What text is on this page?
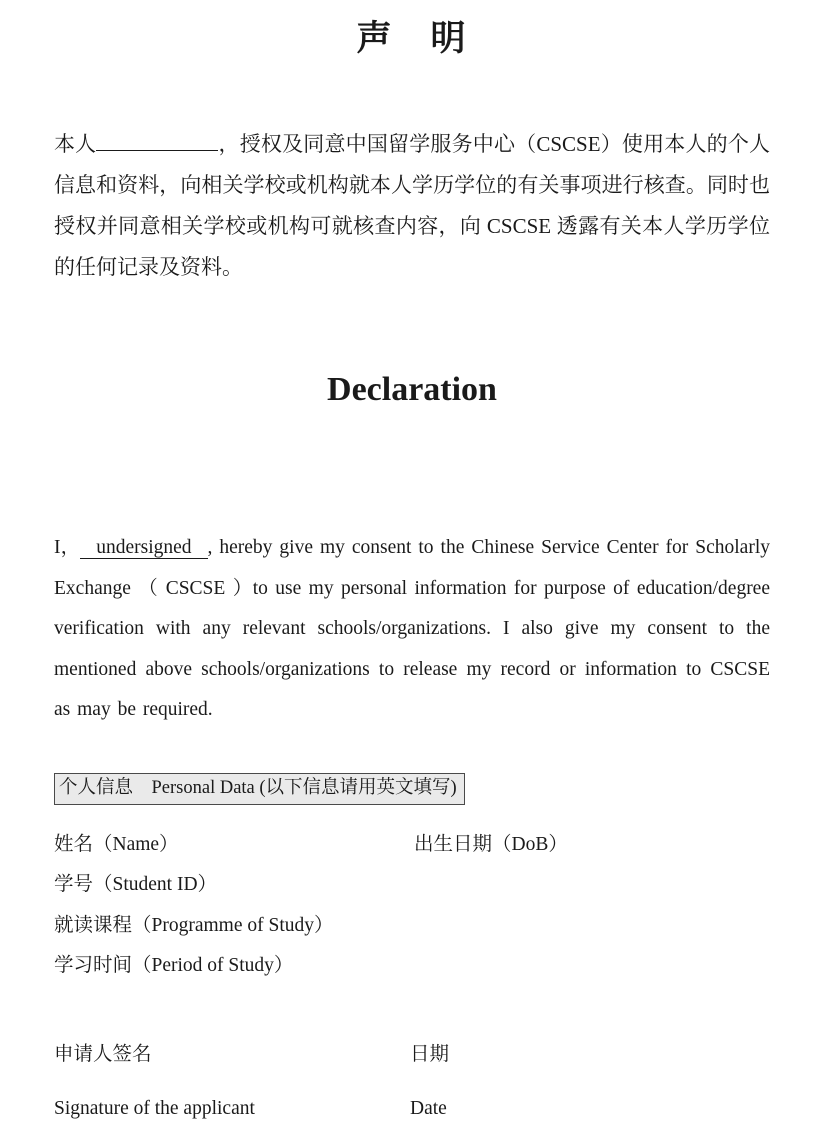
声　明

本人	，授权及同意中国留学服务中心（CSCSE）使用本人的个人信息和资料，向相关学校或机构就本人学历学位的有关事项进行核查。同时也授权并同意相关学校或机构可就核查内容，向 CSCSE 透露有关本人学历学位的任何记录及资料。

Declaration

I， undersigned , hereby give my consent to the Chinese Service Center for Scholarly Exchange （ CSCSE ）to use my personal information for purpose of education/degree verification with any relevant schools/organizations. I also give my consent to the mentioned above schools/organizations to release my record or information to CSCSE as may be required.

个人信息　Personal Data (以下信息请用英文填写)
姓名（Name）	出生日期（DoB）
学号（Student ID）
就读课程（Programme of Study）
学习时间（Period of Study）
申请人签名	日期
Signature of the applicant	Date
